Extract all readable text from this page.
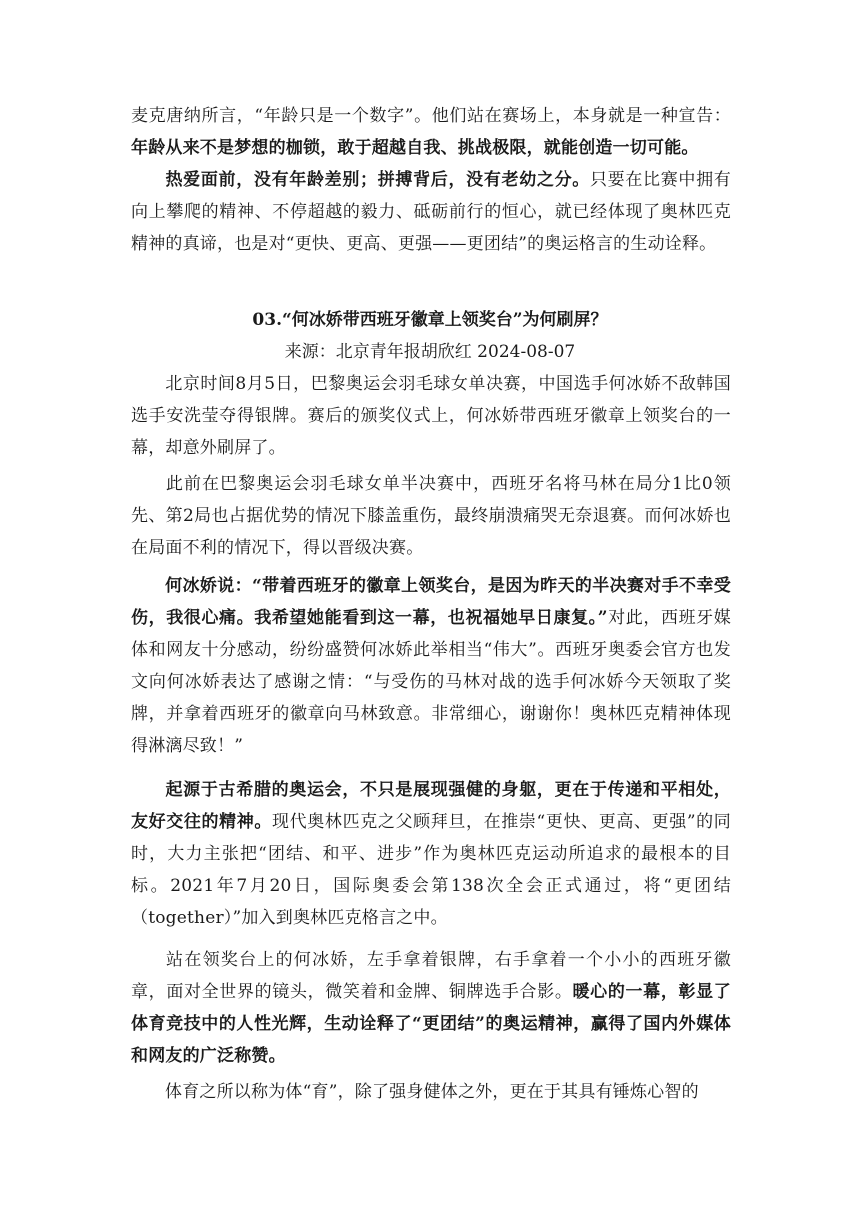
麦克唐纳所言，“年龄只是一个数字”。他们站在赛场上，本身就是一种宣告：年龄从来不是梦想的枷锁，敢于超越自我、挑战极限，就能创造一切可能。
热爱面前，没有年龄差别；拼搏背后，没有老幼之分。只要在比赛中拥有向上攀爬的精神、不停超越的毅力、砥砺前行的恒心，就已经体现了奥林匹克精神的真谛，也是对“更快、更高、更强——更团结”的奥运格言的生动诠释。
03.“何冰娇带西班牙徽章上领奖台”为何刷屏？
来源：北京青年报胡欣红 2024-08-07
北京时间8月5日，巴黎奥运会羽毛球女单决赛，中国选手何冰娇不敌韩国选手安洗莹夺得银牌。赛后的颁奖仪式上，何冰娇带西班牙徽章上领奖台的一幕，却意外刷屏了。
此前在巴黎奥运会羽毛球女单半决赛中，西班牙名将马林在局分1比0领先、第2局也占据优势的情况下膝盖重伤，最终崩溃痛哭无奈退赛。而何冰娇也在局面不利的情况下，得以晋级决赛。
何冰娇说：“带着西班牙的徽章上领奖台，是因为昨天的半决赛对手不幸受伤，我很心痛。我希望她能看到这一幕，也祝福她早日康复。”对此，西班牙媒体和网友十分感动，纷纷盛赞何冰娇此举相当“伟大”。西班牙奥委会官方也发文向何冰娇表达了感谢之情：“与受伤的马林对战的选手何冰娇今天领取了奖牌，并拿着西班牙的徽章向马林致意。非常细心，谢谢你！奥林匹克精神体现得淋漓尽致！”
起源于古希腊的奥运会，不只是展现强健的身躯，更在于传递和平相处，友好交往的精神。现代奥林匹克之父顾拜旦，在推崇“更快、更高、更强”的同时，大力主张把“团结、和平、进步”作为奥林匹克运动所追求的最根本的目标。2021年7月20日，国际奥委会第138次全会正式通过，将“更团结（together）”加入到奥林匹克格言之中。
站在领奖台上的何冰娇，左手拿着银牌，右手拿着一个小小的西班牙徽章，面对全世界的镜头，微笑着和金牌、铜牌选手合影。暖心的一幕，彰显了体育竞技中的人性光辉，生动诠释了“更团结”的奥运精神，赢得了国内外媒体和网友的广泛称赞。
体育之所以称为体“育”，除了强身健体之外，更在于其具有锤炼心智的
